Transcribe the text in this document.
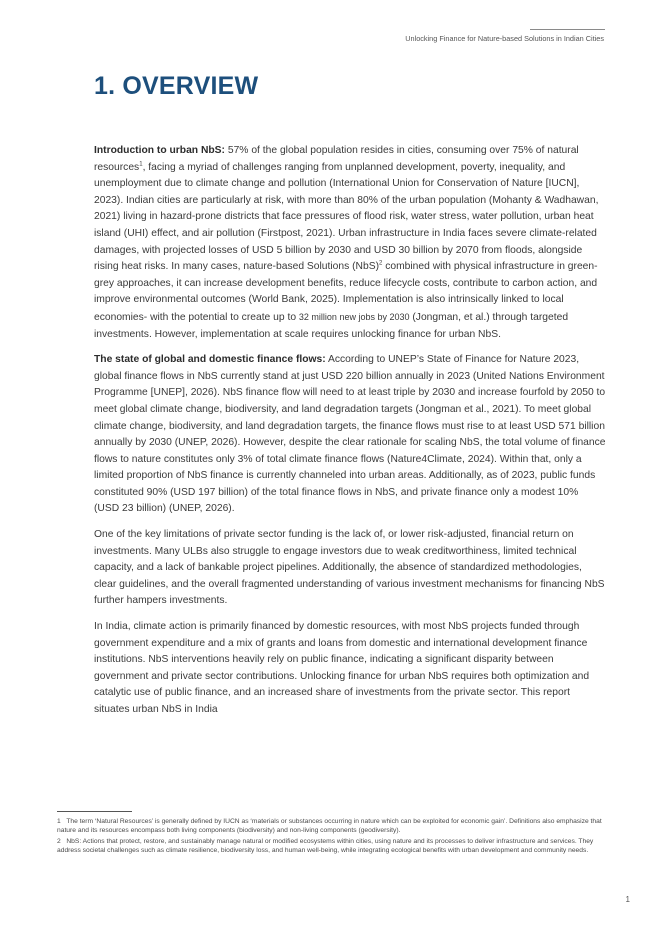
Unlocking Finance for Nature-based Solutions in Indian Cities
1. OVERVIEW

Introduction to urban NbS: 57% of the global population resides in cities, consuming over 75% of natural resources$^1$, facing a myriad of challenges ranging from unplanned development, poverty, inequality, and unemployment due to climate change and pollution (International Union for Conservation of Nature [IUCN], 2023). Indian cities are particularly at risk, with more than 80% of the urban population (Mohanty & Wadhawan, 2021) living in hazard-prone districts that face pressures of flood risk, water stress, water pollution, urban heat island (UHI) effect, and air pollution (Firstpost, 2021). Urban infrastructure in India faces severe climate-related damages, with projected losses of USD 5 billion by 2030 and USD 30 billion by 2070 from floods, alongside rising heat risks. In many cases, nature-based Solutions (NbS)$^2$ combined with physical infrastructure in green-grey approaches, it can increase development benefits, reduce lifecycle costs, contribute to carbon action, and improve environmental outcomes (World Bank, 2025). Implementation is also intrinsically linked to local economies- with the potential to create up to 32 million new jobs by 2030 (Jongman, et al.) through targeted investments. However, implementation at scale requires unlocking finance for urban NbS.

The state of global and domestic finance flows: According to UNEP’s State of Finance for Nature 2023, global finance flows in NbS currently stand at just USD 220 billion annually in 2023 (United Nations Environment Programme [UNEP], 2026). NbS finance flow will need to at least triple by 2030 and increase fourfold by 2050 to meet global climate change, biodiversity, and land degradation targets (Jongman et al., 2021). To meet global climate change, biodiversity, and land degradation targets, the finance flows must rise to at least USD 571 billion annually by 2030 (UNEP, 2026). However, despite the clear rationale for scaling NbS, the total volume of finance flows to nature constitutes only 3% of total climate finance flows (Nature4Climate, 2024). Within that, only a limited proportion of NbS finance is currently channeled into urban areas. Additionally, as of 2023, public funds constituted 90% (USD 197 billion) of the total finance flows in NbS, and private finance only a modest 10% (USD 23 billion) (UNEP, 2026).

One of the key limitations of private sector funding is the lack of, or lower risk-adjusted, financial return on investments. Many ULBs also struggle to engage investors due to weak creditworthiness, limited technical capacity, and a lack of bankable project pipelines. Additionally, the absence of standardized methodologies, clear guidelines, and the overall fragmented understanding of various investment mechanisms for financing NbS further hampers investments.

In India, climate action is primarily financed by domestic resources, with most NbS projects funded through government expenditure and a mix of grants and loans from domestic and international development finance institutions. NbS interventions heavily rely on public finance, indicating a significant disparity between government and private sector contributions. Unlocking finance for urban NbS requires both optimization and catalytic use of public finance, and an increased share of investments from the private sector. This report situates urban NbS in India

1 The term ‘Natural Resources’ is generally defined by IUCN as ‘materials or substances occurring in nature which can be exploited for economic gain’. Definitions also emphasize that nature and its resources encompass both living components (biodiversity) and non-living components (geodiversity).

2 NbS: Actions that protect, restore, and sustainably manage natural or modified ecosystems within cities, using nature and its processes to deliver infrastructure and services. They address societal challenges such as climate resilience, biodiversity loss, and human well-being, while integrating ecological benefits with urban development and community needs.

1
